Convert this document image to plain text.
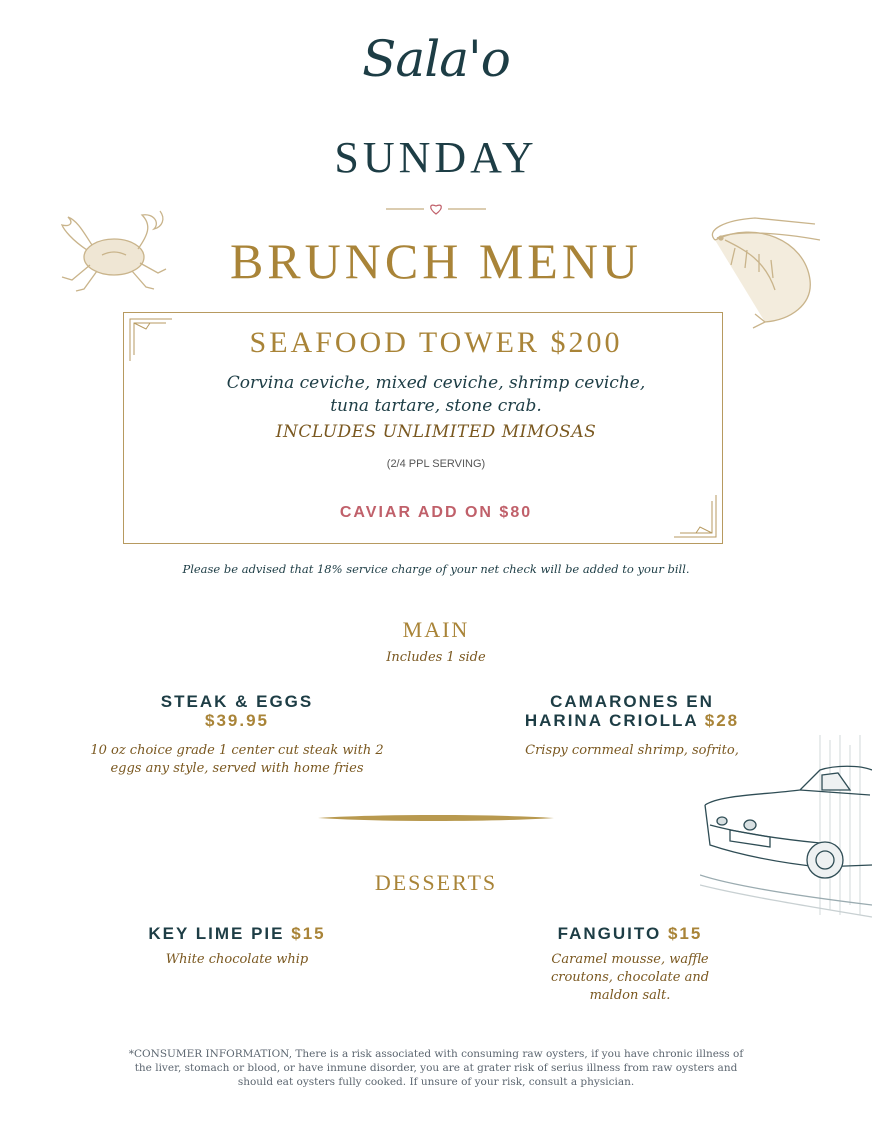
Sala'o
SUNDAY
BRUNCH MENU
SEAFOOD TOWER $200
Corvina ceviche, mixed ceviche, shrimp ceviche,
tuna tartare, stone crab.
INCLUDES UNLIMITED MIMOSAS
(2/4 PPL SERVING)
CAVIAR ADD ON $80
Please be advised that 18% service charge of your net check will be added to your bill.
MAIN
Includes 1 side
STEAK & EGGS
$39.95
10 oz choice grade 1 center cut steak with 2
eggs any style, served with home fries
CAMARONES EN
HARINA CRIOLLA $28
Crispy cornmeal shrimp, sofrito,
DESSERTS
KEY LIME PIE $15
White chocolate whip
FANGUITO $15
Caramel mousse, waffle
croutons, chocolate and
maldon salt.
*CONSUMER INFORMATION, There is a risk associated with consuming raw oysters, if you have chronic illness of
the liver, stomach or blood, or have inmune disorder, you are at grater risk of serius illness from raw oysters and
should eat oysters fully cooked. If unsure of your risk, consult a physician.
